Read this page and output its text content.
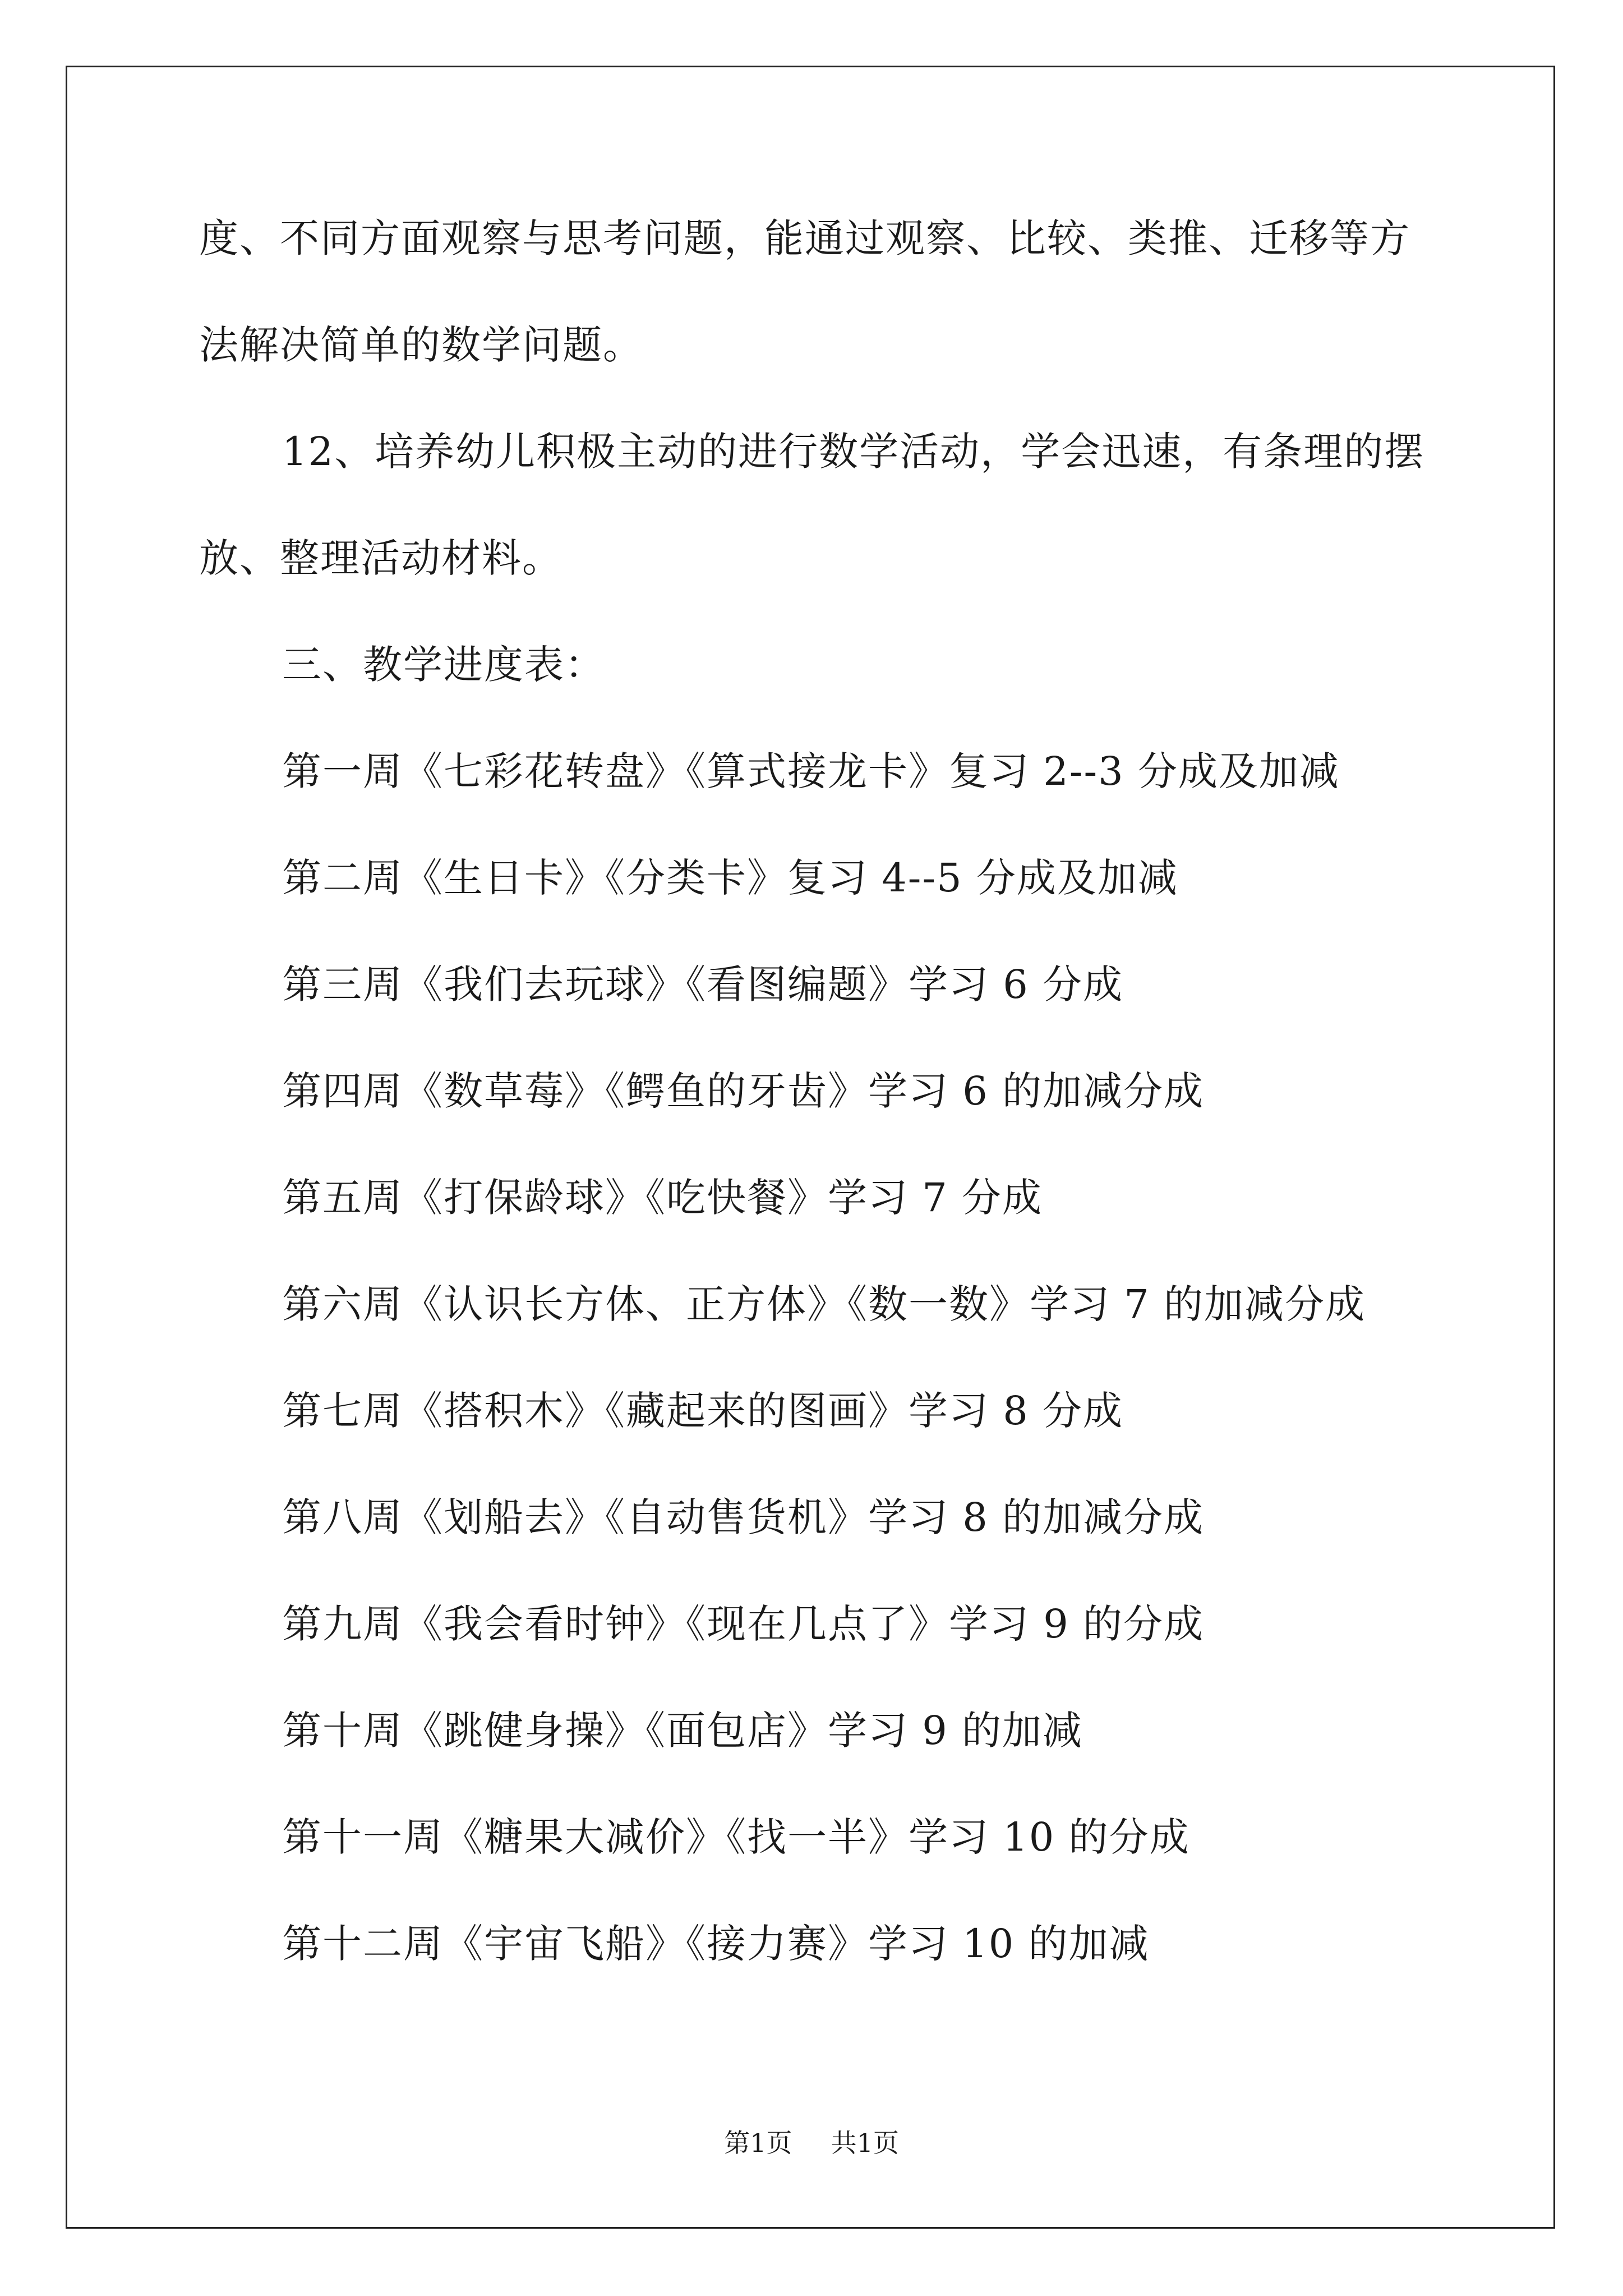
度、不同方面观察与思考问题，能通过观察、比较、类推、迁移等方

法解决简单的数学问题。

12、培养幼儿积极主动的进行数学活动，学会迅速，有条理的摆

放、整理活动材料。

三、教学进度表：

第一周《七彩花转盘》《算式接龙卡》复习 2--3 分成及加减

第二周《生日卡》《分类卡》复习 4--5 分成及加减

第三周《我们去玩球》《看图编题》学习 6 分成

第四周《数草莓》《鳄鱼的牙齿》学习 6 的加减分成

第五周《打保龄球》《吃快餐》学习 7 分成

第六周《认识长方体、正方体》《数一数》学习 7 的加减分成

第七周《搭积木》《藏起来的图画》学习 8 分成

第八周《划船去》《自动售货机》学习 8 的加减分成

第九周《我会看时钟》《现在几点了》学习 9 的分成

第十周《跳健身操》《面包店》学习 9 的加减

第十一周《糖果大减价》《找一半》学习 10 的分成

第十二周《宇宙飞船》《接力赛》学习 10 的加减

第1页 共1页
